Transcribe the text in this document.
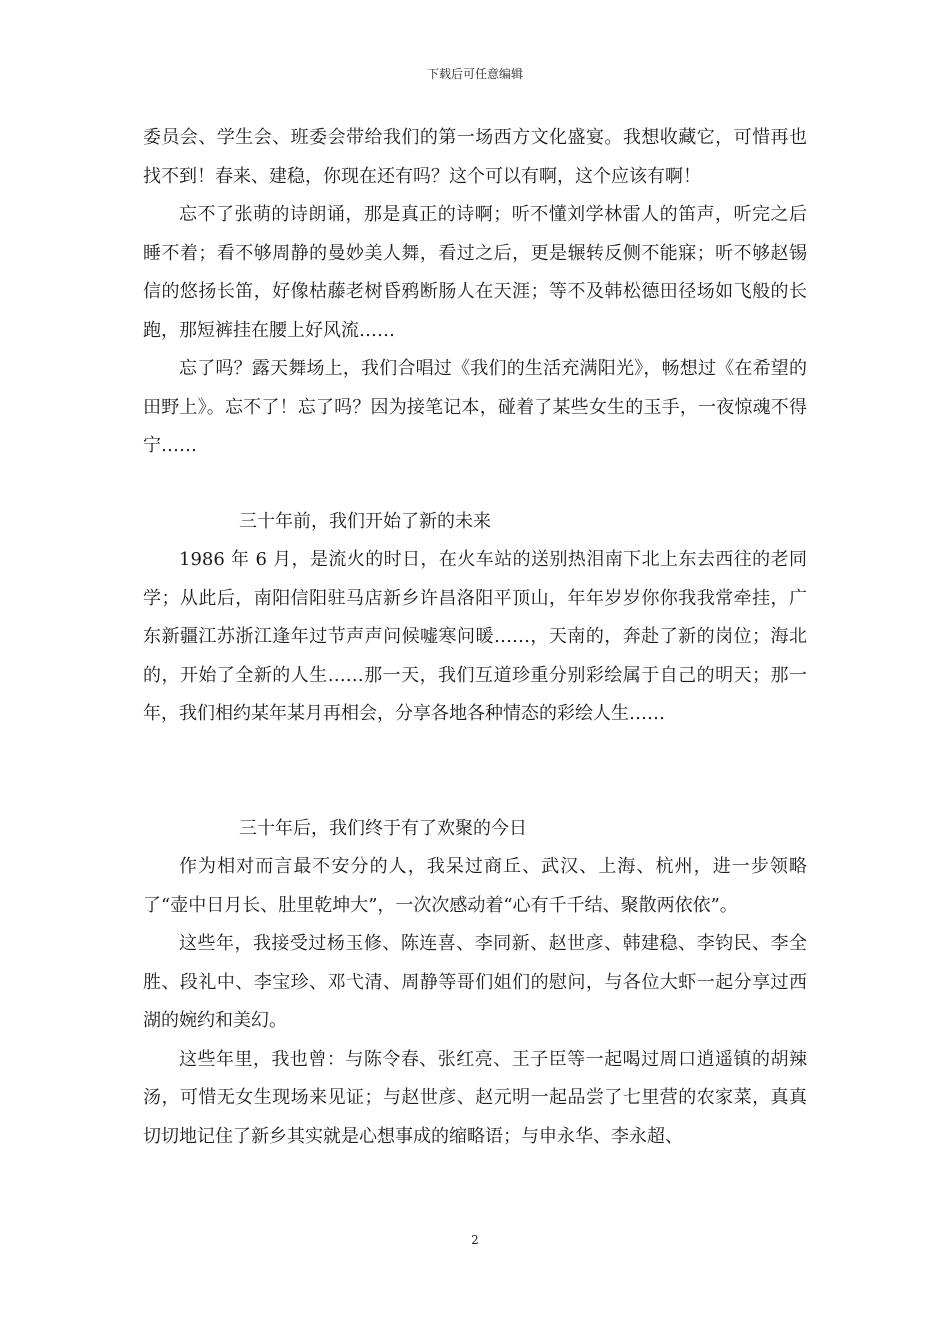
下载后可任意编辑

委员会、学生会、班委会带给我们的第一场西方文化盛宴。我想收藏它，可惜再也找不到！春来、建稳，你现在还有吗？这个可以有啊，这个应该有啊！

忘不了张萌的诗朗诵，那是真正的诗啊；听不懂刘学林雷人的笛声，听完之后睡不着；看不够周静的曼妙美人舞，看过之后，更是辗转反侧不能寐；听不够赵锡信的悠扬长笛，好像枯藤老树昏鸦断肠人在天涯；等不及韩松德田径场如飞般的长跑，那短裤挂在腰上好风流……

忘了吗？露天舞场上，我们合唱过《我们的生活充满阳光》，畅想过《在希望的田野上》。忘不了！忘了吗？因为接笔记本，碰着了某些女生的玉手，一夜惊魂不得宁……

三十年前，我们开始了新的未来

1986 年 6 月，是流火的时日，在火车站的送别热泪南下北上东去西往的老同学；从此后，南阳信阳驻马店新乡许昌洛阳平顶山，年年岁岁你你我我常牵挂，广东新疆江苏浙江逢年过节声声问候嘘寒问暖……，天南的，奔赴了新的岗位；海北的，开始了全新的人生……那一天，我们互道珍重分别彩绘属于自己的明天；那一年，我们相约某年某月再相会，分享各地各种情态的彩绘人生……

三十年后，我们终于有了欢聚的今日

作为相对而言最不安分的人，我呆过商丘、武汉、上海、杭州，进一步领略了“壶中日月长、肚里乾坤大”，一次次感动着“心有千千结、聚散两依依”。

这些年，我接受过杨玉修、陈连喜、李同新、赵世彦、韩建稳、李钧民、李全胜、段礼中、李宝珍、邓弋清、周静等哥们姐们的慰问，与各位大虾一起分享过西湖的婉约和美幻。

这些年里，我也曾：与陈令春、张红亮、王子臣等一起喝过周口逍遥镇的胡辣汤，可惜无女生现场来见证；与赵世彦、赵元明一起品尝了七里营的农家菜，真真切切地记住了新乡其实就是心想事成的缩略语；与申永华、李永超、

2
